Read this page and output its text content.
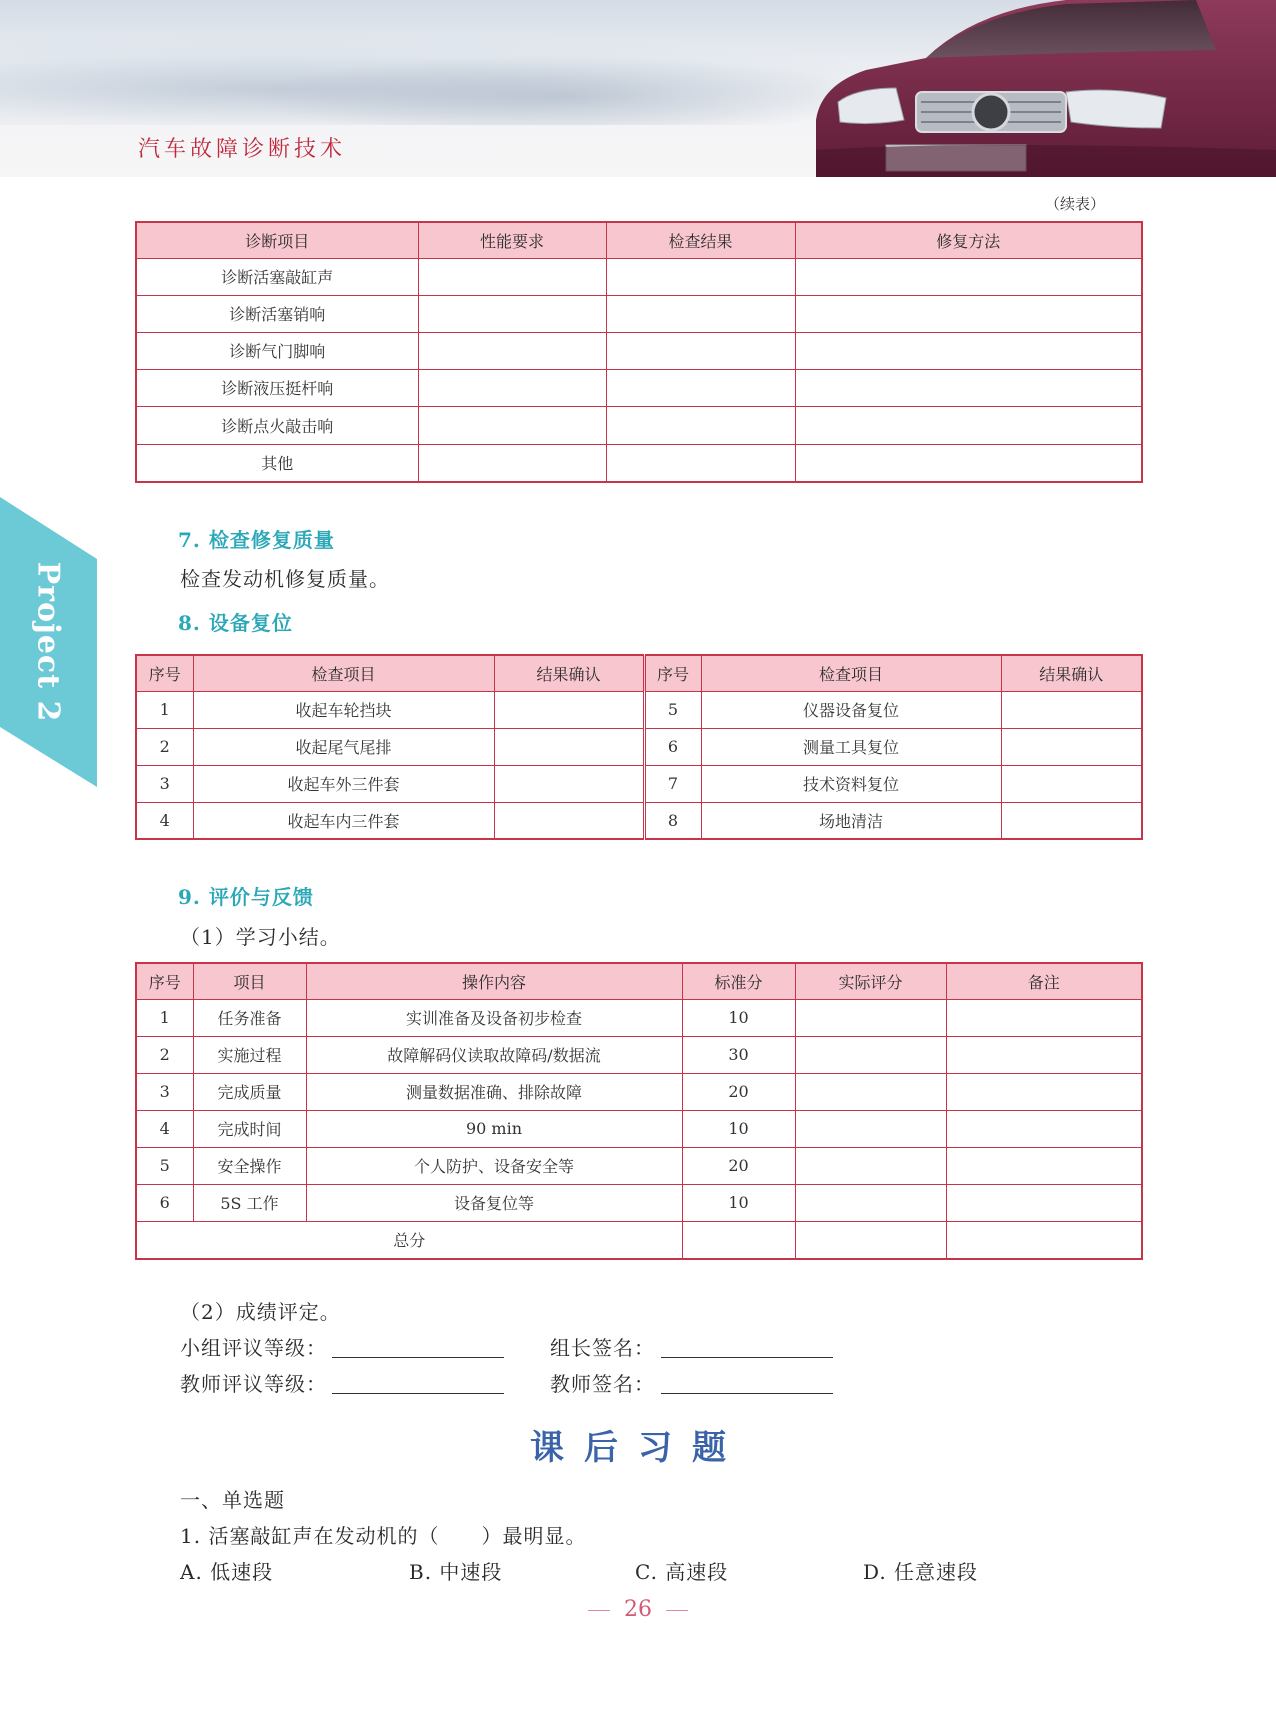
汽车故障诊断技术
Project 2
（续表）
诊断项目	性能要求	检查结果	修复方法
诊断活塞敲缸声			
诊断活塞销响			
诊断气门脚响			
诊断液压挺杆响			
诊断点火敲击响			
其他			
7. 检查修复质量
检查发动机修复质量。
8. 设备复位
序号	检查项目	结果确认	序号	检查项目	结果确认
1	收起车轮挡块		5	仪器设备复位	
2	收起尾气尾排		6	测量工具复位	
3	收起车外三件套		7	技术资料复位	
4	收起车内三件套		8	场地清洁	
9. 评价与反馈
（1）学习小结。
序号	项目	操作内容	标准分	实际评分	备注
1	任务准备	实训准备及设备初步检查	10		
2	实施过程	故障解码仪读取故障码/数据流	30		
3	完成质量	测量数据准确、排除故障	20		
4	完成时间	90 min	10		
5	安全操作	个人防护、设备安全等	20		
6	5S 工作	设备复位等	10		
总分					
（2）成绩评定。
小组评议等级：	组长签名：
教师评议等级：	教师签名：
课后习题
一、单选题
1. 活塞敲缸声在发动机的（　　）最明显。
A. 低速段	B. 中速段	C. 高速段	D. 任意速段
26
